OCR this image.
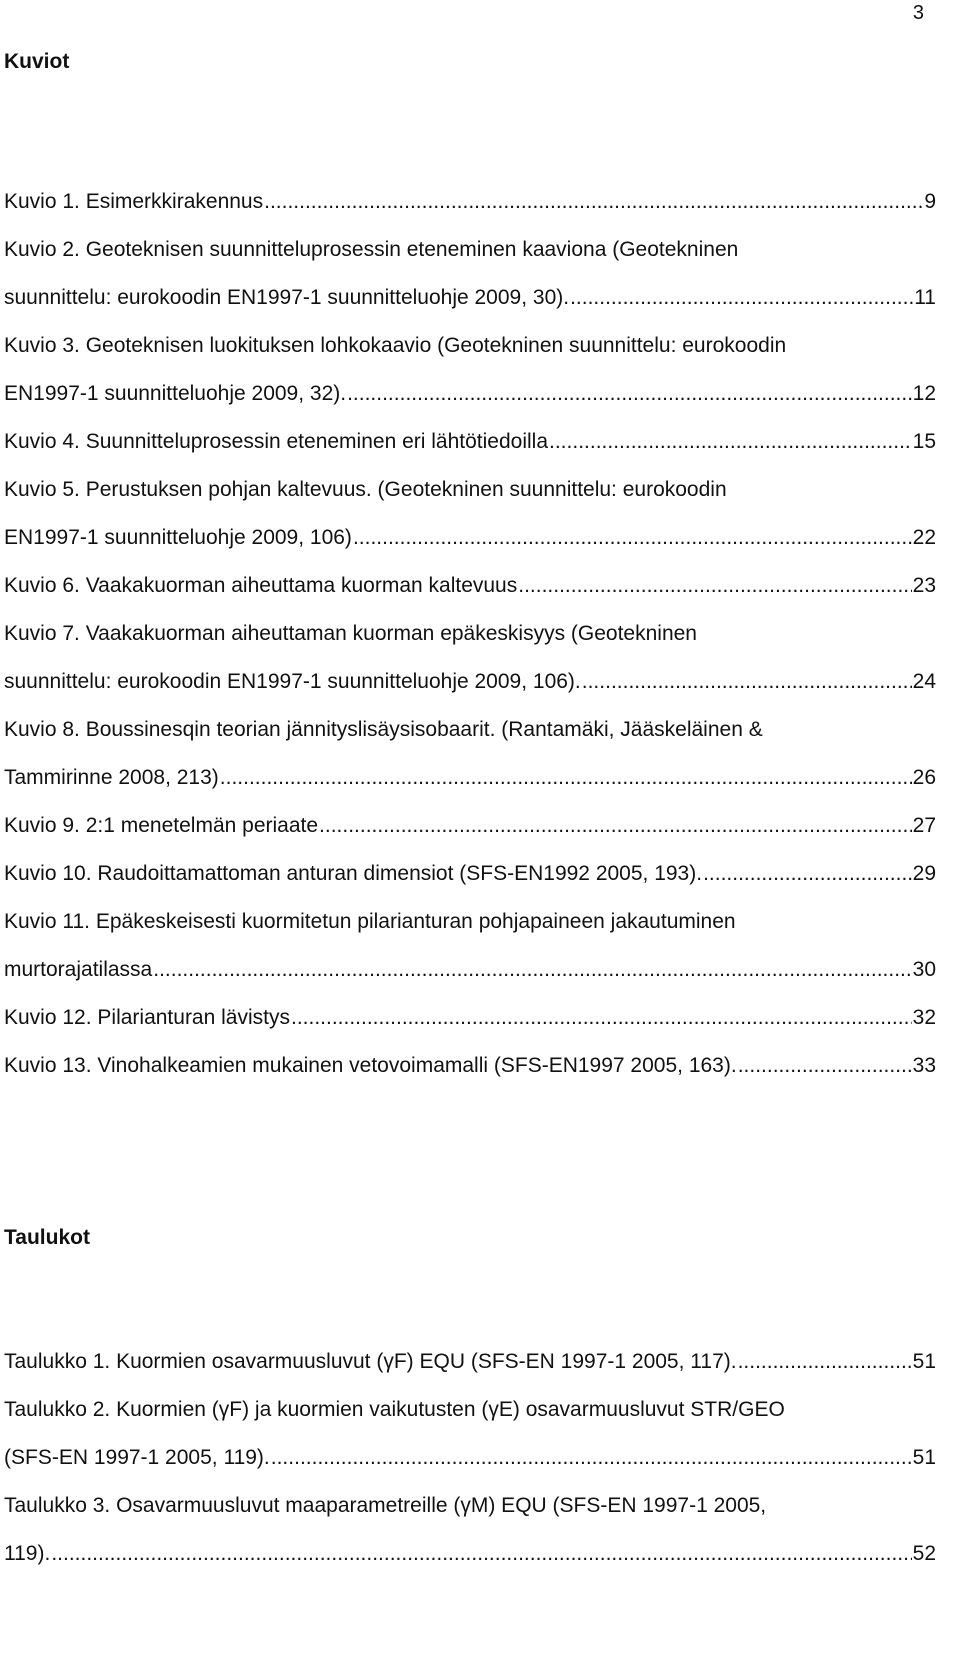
3
Kuviot
Kuvio 1. Esimerkkirakennus .....	9
Kuvio 2. Geoteknisen suunnitteluprosessin eteneminen kaaviona (Geotekninen
suunnittelu: eurokoodin EN1997-1 suunnitteluohje 2009, 30). .....	11
Kuvio 3. Geoteknisen luokituksen lohkokaavio (Geotekninen suunnittelu: eurokoodin
EN1997-1 suunnitteluohje 2009, 32). .....	12
Kuvio 4. Suunnitteluprosessin eteneminen eri lähtötiedoilla .....	15
Kuvio 5. Perustuksen pohjan kaltevuus. (Geotekninen suunnittelu: eurokoodin
EN1997-1 suunnitteluohje 2009, 106) .....	22
Kuvio 6. Vaakakuorman aiheuttama kuorman kaltevuus .....	23
Kuvio 7. Vaakakuorman aiheuttaman kuorman epäkeskisyys (Geotekninen
suunnittelu: eurokoodin EN1997-1 suunnitteluohje 2009, 106). .....	24
Kuvio 8. Boussinesqin teorian jännityslisäysisobaarit. (Rantamäki, Jääskeläinen &
Tammirinne 2008, 213) .....	26
Kuvio 9. 2:1 menetelmän periaate .....	27
Kuvio 10. Raudoittamattoman anturan dimensiot (SFS-EN1992 2005, 193). .....	29
Kuvio 11. Epäkeskeisesti kuormitetun pilarianturan pohjapaineen jakautuminen
murtorajatilassa .....	30
Kuvio 12. Pilarianturan lävistys .....	32
Kuvio 13. Vinohalkeamien mukainen vetovoimamalli (SFS-EN1997 2005, 163). .....	33
Taulukot
Taulukko 1. Kuormien osavarmuusluvut (γF) EQU (SFS-EN 1997-1 2005, 117). .....	51
Taulukko 2. Kuormien (γF) ja kuormien vaikutusten (γE) osavarmuusluvut STR/GEO
(SFS-EN 1997-1 2005, 119). .....	51
Taulukko 3. Osavarmuusluvut maaparametreille (γM) EQU (SFS-EN 1997-1 2005,
119). .....	52
